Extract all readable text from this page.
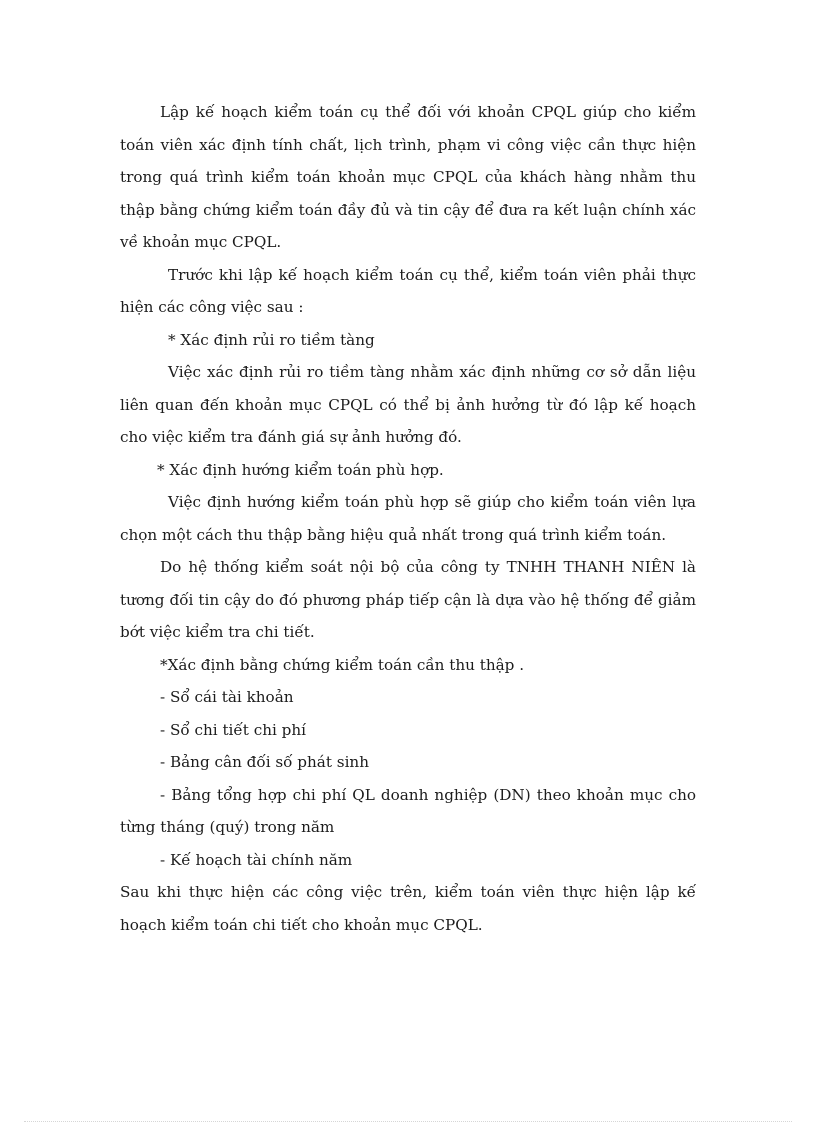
Lập kế hoạch kiểm toán cụ thể đối với khoản CPQL giúp cho kiểm toán viên xác định tính chất, lịch trình, phạm vi công việc cần thực hiện trong quá trình kiểm toán khoản mục CPQL của khách hàng nhằm thu thập bằng chứng kiểm toán đầy đủ và tin cậy để đưa ra kết luận chính xác về khoản mục CPQL.

Trước khi lập kế hoạch kiểm toán cụ thể, kiểm toán viên phải thực hiện các công việc sau :

* Xác định rủi ro tiềm tàng

Việc xác định rủi ro tiềm tàng nhằm xác định những cơ sở dẫn liệu liên quan đến khoản mục CPQL có thể bị ảnh hưởng từ đó lập kế hoạch cho việc kiểm tra đánh giá sự ảnh hưởng đó.

* Xác định hướng kiểm toán phù hợp.

Việc định hướng kiểm toán phù hợp sẽ giúp cho kiểm toán viên lựa chọn một cách thu thập bằng hiệu quả nhất trong quá trình kiểm toán.

Do hệ thống kiểm soát nội bộ của công ty TNHH THANH NIÊN là tương đối tin cậy do đó phương pháp tiếp cận là dựa vào hệ thống để giảm bớt việc kiểm tra chi tiết.

*Xác định bằng chứng kiểm toán cần thu thập .

- Sổ cái tài khoản

- Sổ chi tiết chi phí

- Bảng cân đối số phát sinh

- Bảng tổng hợp chi phí QL doanh nghiệp (DN) theo khoản mục cho từng tháng (quý) trong năm

- Kế hoạch tài chính năm

Sau khi thực hiện các công việc trên, kiểm toán viên thực hiện lập kế hoạch kiểm toán chi tiết cho khoản mục CPQL.
